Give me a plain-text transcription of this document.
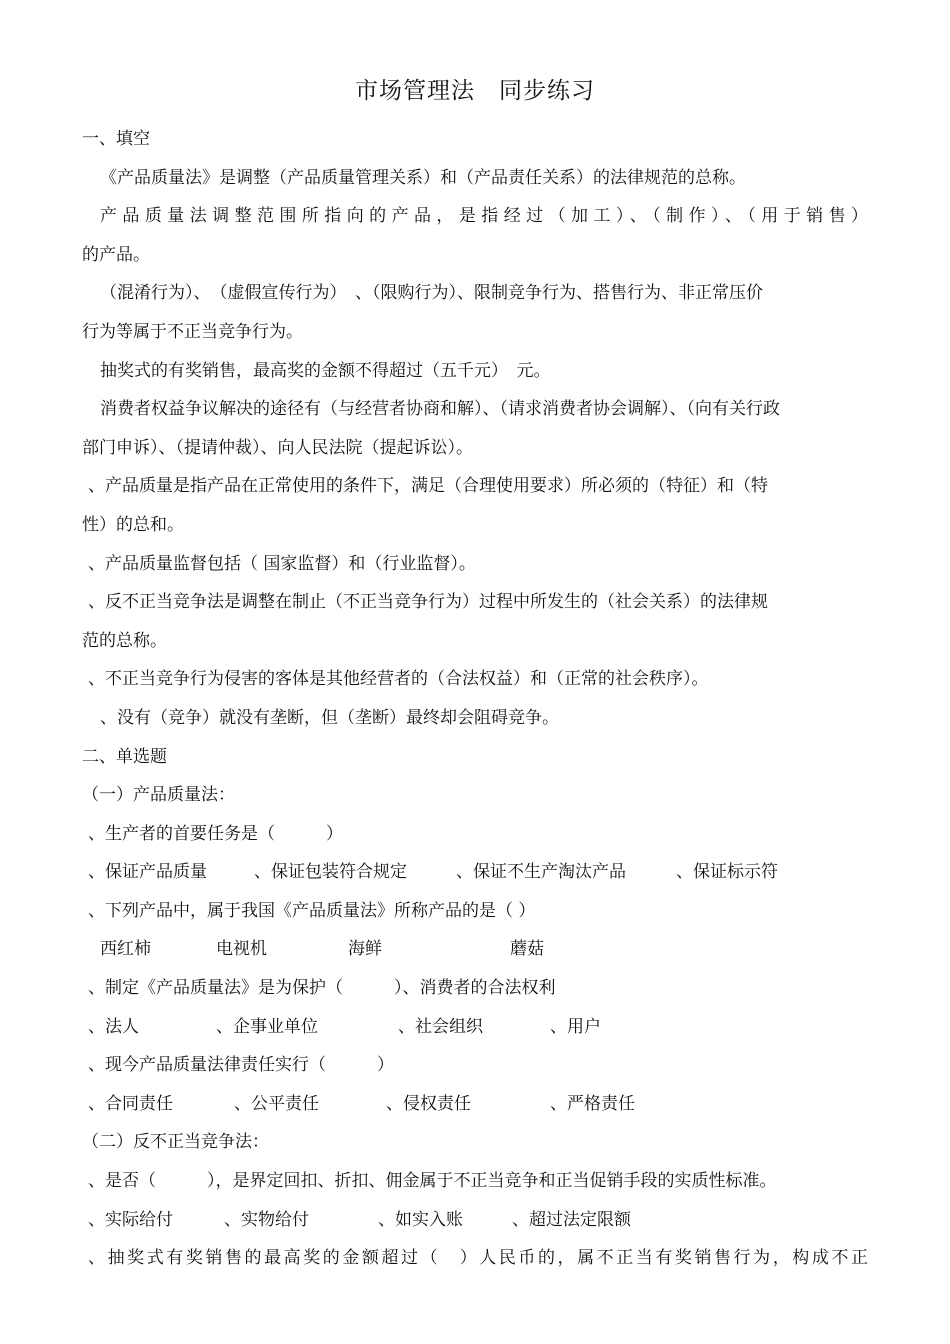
市场管理法　同步练习
一、填空
《产品质量法》是调整（产品质量管理关系）和（产品责任关系）的法律规范的总称。
产品质量法调整范围所指向的产品，是指经过（加工）、（制作）、（用于销售）
的产品。
（混淆行为）、　（虚假宣传行为）　、（限购行为）、限制竞争行为、搭售行为、非正常压价
行为等属于不正当竞争行为。
抽奖式的有奖销售，最高奖的金额不得超过（五千元）　元。
消费者权益争议解决的途径有（与经营者协商和解）、（请求消费者协会调解）、（向有关行政
部门申诉）、（提请仲裁）、向人民法院（提起诉讼）。
、产品质量是指产品在正常使用的条件下，满足（合理使用要求）所必须的（特征）和（特
性）的总和。
、产品质量监督包括（ 国家监督）和（行业监督）。
、反不正当竞争法是调整在制止（不正当竞争行为）过程中所发生的（社会关系）的法律规
范的总称。
、不正当竞争行为侵害的客体是其他经营者的（合法权益）和（正常的社会秩序）。
、没有（竞争）就没有垄断，但（垄断）最终却会阻碍竞争。
二、单选题
（一）产品质量法：
、生产者的首要任务是（　　　）
、保证产品质量	、保证包装符合规定	、保证不生产淘汰产品	、保证标示符
、下列产品中，属于我国《产品质量法》所称产品的是（ ）
西红柿	电视机	海鲜	蘑菇
、制定《产品质量法》是为保护（　　　）、消费者的合法权利
、法人	、企事业单位	、社会组织	、用户
、现今产品质量法律责任实行（　　　）
、合同责任	、公平责任	、侵权责任	、严格责任
（二）反不正当竞争法：
、是否（　　　），是界定回扣、折扣、佣金属于不正当竞争和正当促销手段的实质性标准。
、实际给付	、实物给付	、如实入账	、超过法定限额
、抽奖式有奖销售的最高奖的金额超过（　）人民币的，属不正当有奖销售行为，构成不正
